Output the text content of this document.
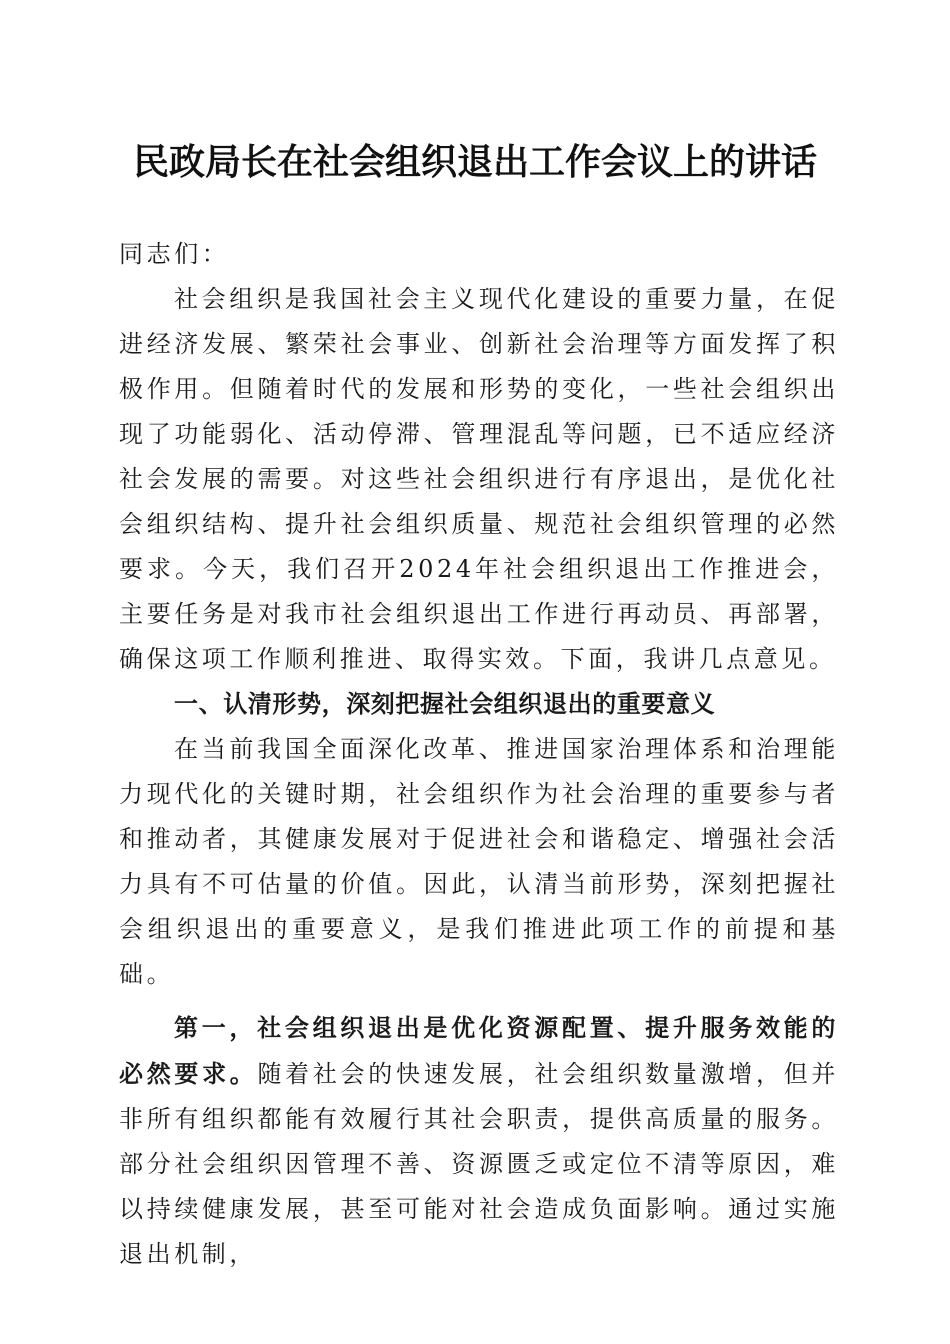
民政局长在社会组织退出工作会议上的讲话

同志们：

社会组织是我国社会主义现代化建设的重要力量，在促进经济发展、繁荣社会事业、创新社会治理等方面发挥了积极作用。但随着时代的发展和形势的变化，一些社会组织出现了功能弱化、活动停滞、管理混乱等问题，已不适应经济社会发展的需要。对这些社会组织进行有序退出，是优化社会组织结构、提升社会组织质量、规范社会组织管理的必然要求。今天，我们召开2024年社会组织退出工作推进会，主要任务是对我市社会组织退出工作进行再动员、再部署，确保这项工作顺利推进、取得实效。下面，我讲几点意见。

一、认清形势，深刻把握社会组织退出的重要意义

在当前我国全面深化改革、推进国家治理体系和治理能力现代化的关键时期，社会组织作为社会治理的重要参与者和推动者，其健康发展对于促进社会和谐稳定、增强社会活力具有不可估量的价值。因此，认清当前形势，深刻把握社会组织退出的重要意义，是我们推进此项工作的前提和基础。

第一，社会组织退出是优化资源配置、提升服务效能的必然要求。随着社会的快速发展，社会组织数量激增，但并非所有组织都能有效履行其社会职责，提供高质量的服务。部分社会组织因管理不善、资源匮乏或定位不清等原因，难以持续健康发展，甚至可能对社会造成负面影响。通过实施退出机制，
